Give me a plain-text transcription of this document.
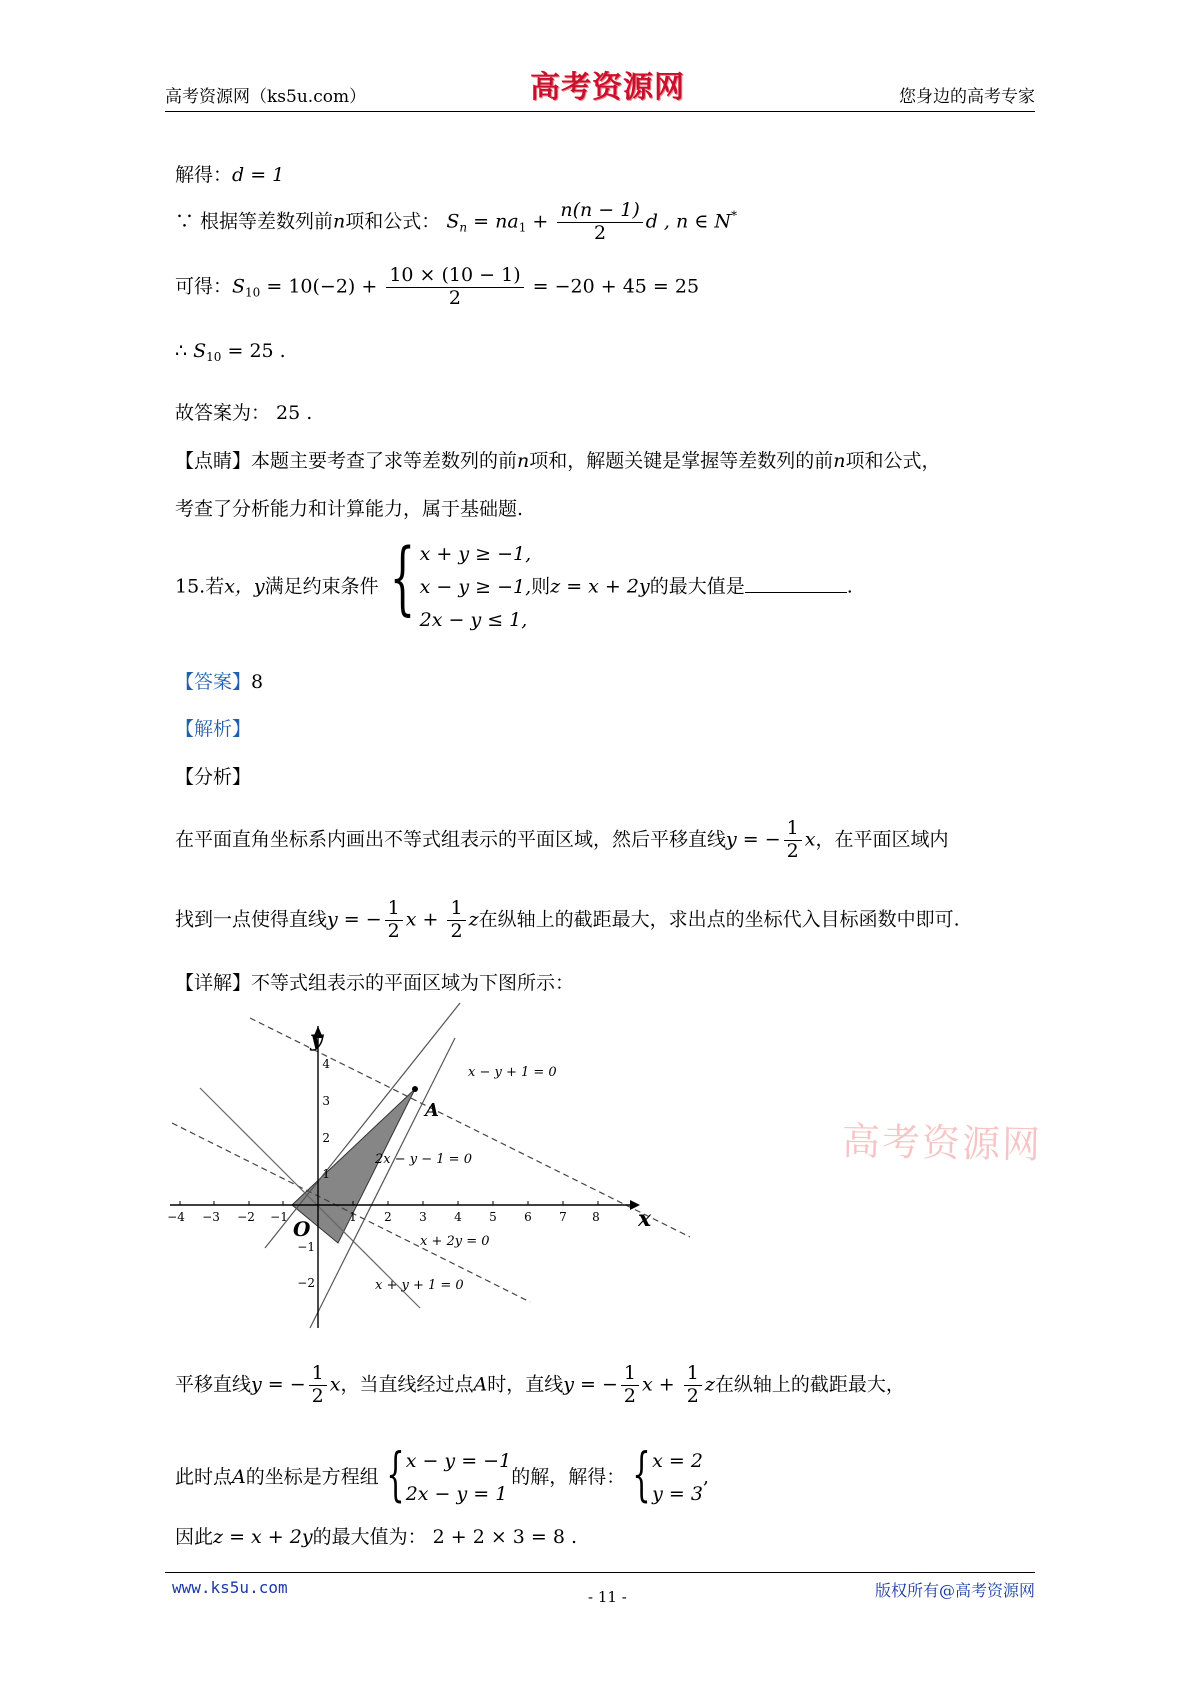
高考资源网（ks5u.com）	高考资源网	您身边的高考专家
解得：d = 1
∵ 根据等差数列前n项和公式： $S_n = na_1 + \frac{n(n - 1)}{2}$ d , n ∈ N*
可得：$S_{10} = 10(-2) + \frac{10 \times (10 - 1)}{2} = -20 + 45 = 25$
∴ $S_{10} = 25$ .
故答案为： 25 .
【点睛】本题主要考查了求等差数列的前n项和，解题关键是掌握等差数列的前n项和公式，
考查了分析能力和计算能力，属于基础题.
15.若x，y满足约束条件 { x + y ≥ −1,
x − y ≥ −1,
2x − y ≤ 1,
则z = x + 2y的最大值是	.
【答案】8
【解析】
【分析】
在平面直角坐标系内画出不等式组表示的平面区域，然后平移直线y = − $\frac{1}{2}$ x，在平面区域内
找到一点使得直线y = − $\frac{1}{2}$ $x + \frac{1}{2}$ z在纵轴上的截距最大，求出点的坐标代入目标函数中即可.
【详解】不等式组表示的平面区域为下图所示：
−4 −3 −2 −1	1 2 3 4 5 6 7 8
4
3
2
1
−1
−2
y
x
O
A
x − y + 1 = 0
2x − y − 1 = 0
x + 2y = 0
x + y + 1 = 0
高考资源网
平移直线y = − $\frac{1}{2}$ x，当直线经过点A时，直线y = − $\frac{1}{2}$ $x + \frac{1}{2}$ z在纵轴上的截距最大，
此时点A的坐标是方程组 { x − y = −1
2x − y = 1
的解，解得： { x = 2
y = 3
,
因此z = x + 2y的最大值为： 2 + 2 × 3 = 8 .
www.ks5u.com	- 11 -	版权所有@高考资源网
